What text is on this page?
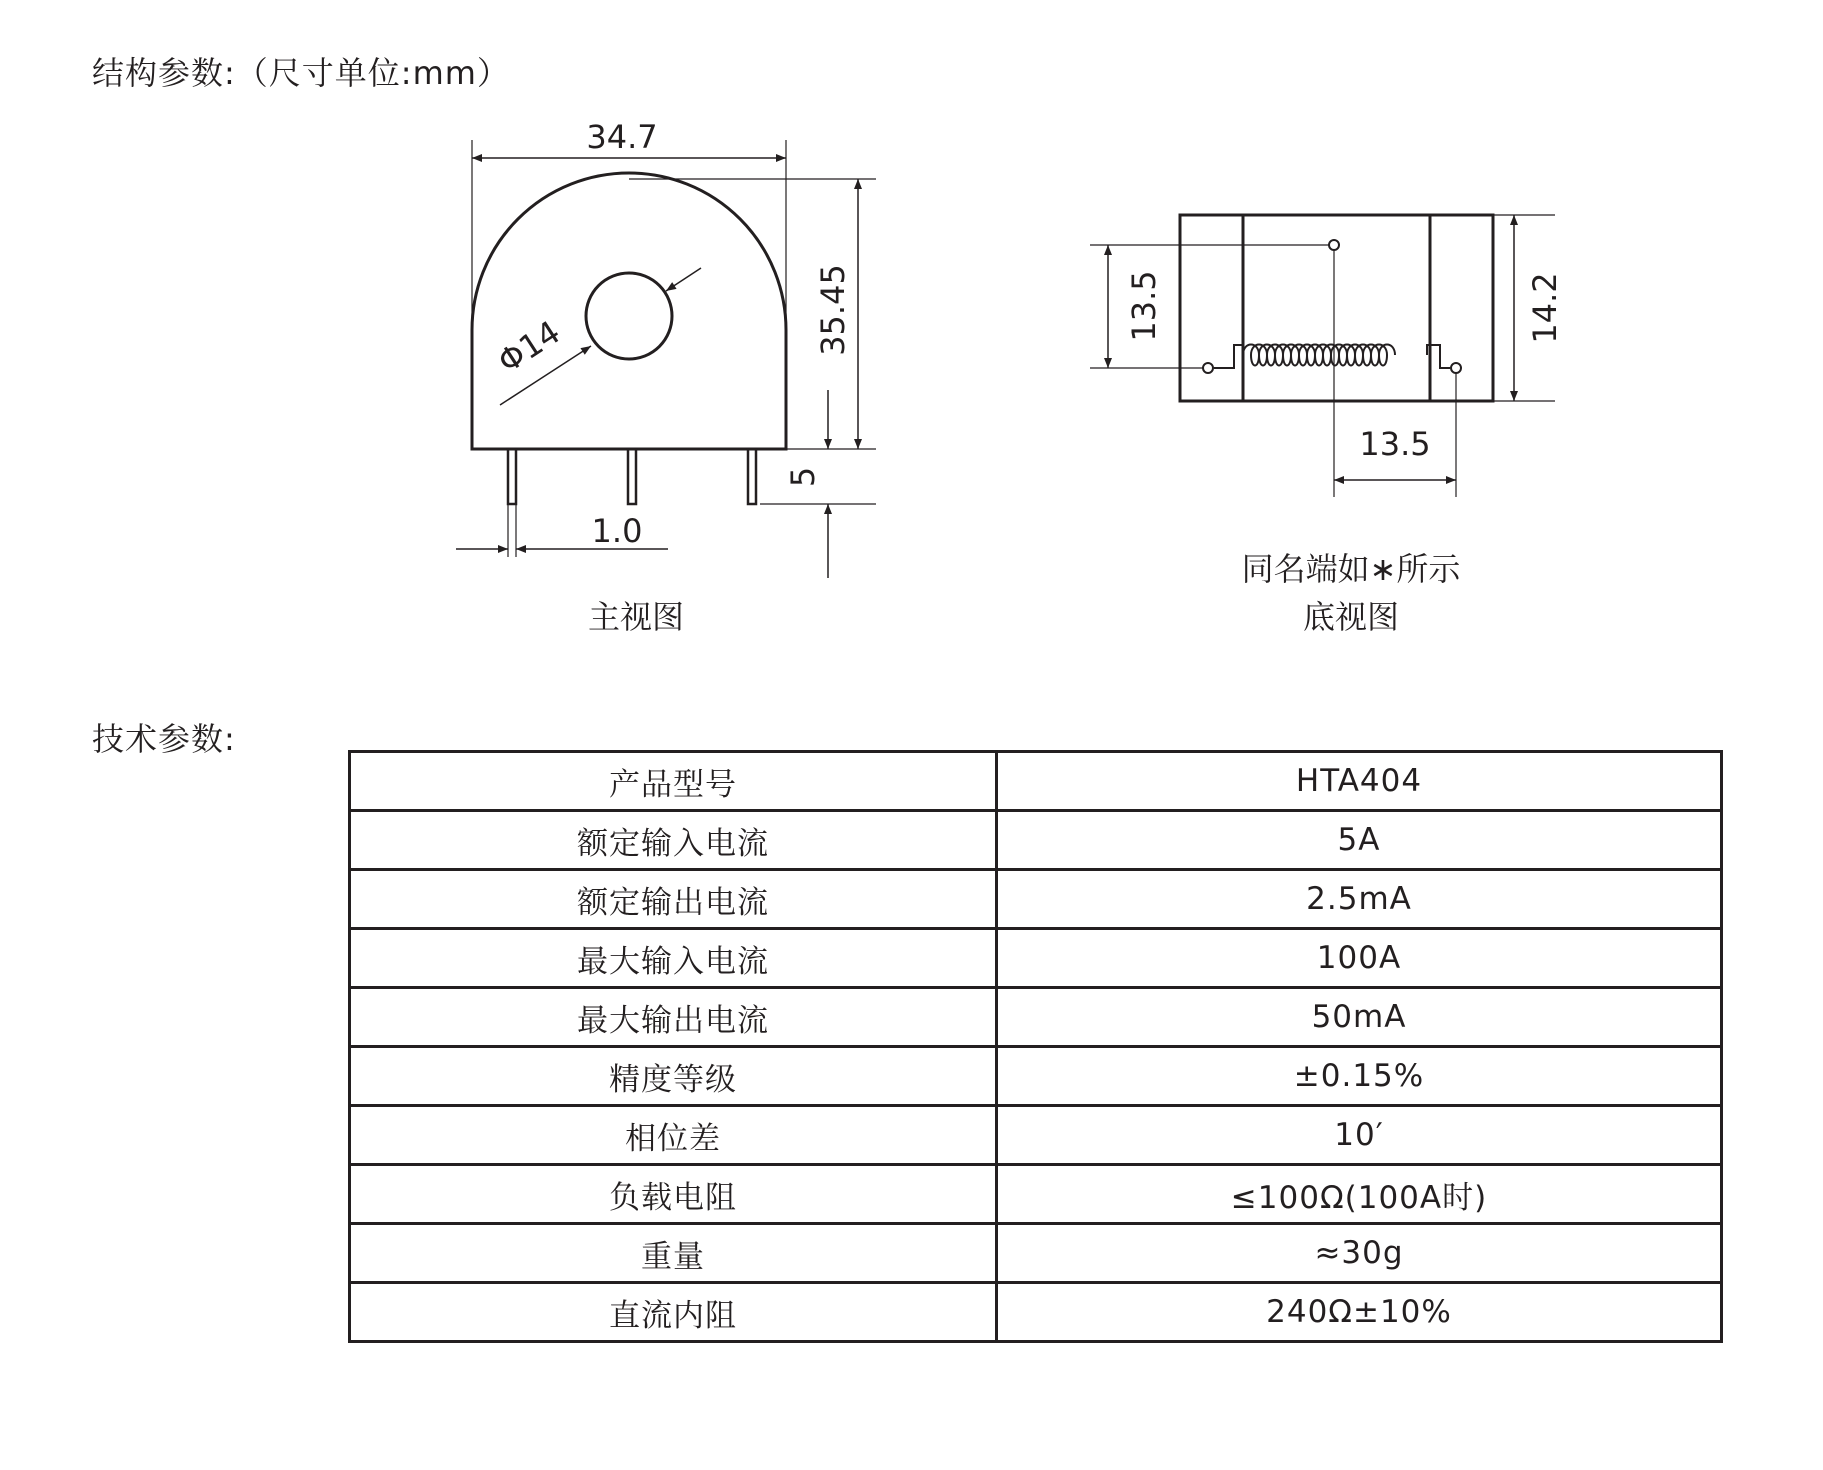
结构参数:（尺寸单位:mm）
34.7
35.45
Φ14
5
1.0
主视图
13.5	14.2
13.5
同名端如∗所示
底视图
技术参数:
产品型号	HTA404
额定输入电流	5A
额定输出电流	2.5mA
最大输入电流	100A
最大输出电流	50mA
精度等级	±0.15%
相位差	10′
负载电阻	≤100Ω(100A时)
重量	≈30g
直流内阻	240Ω±10%
